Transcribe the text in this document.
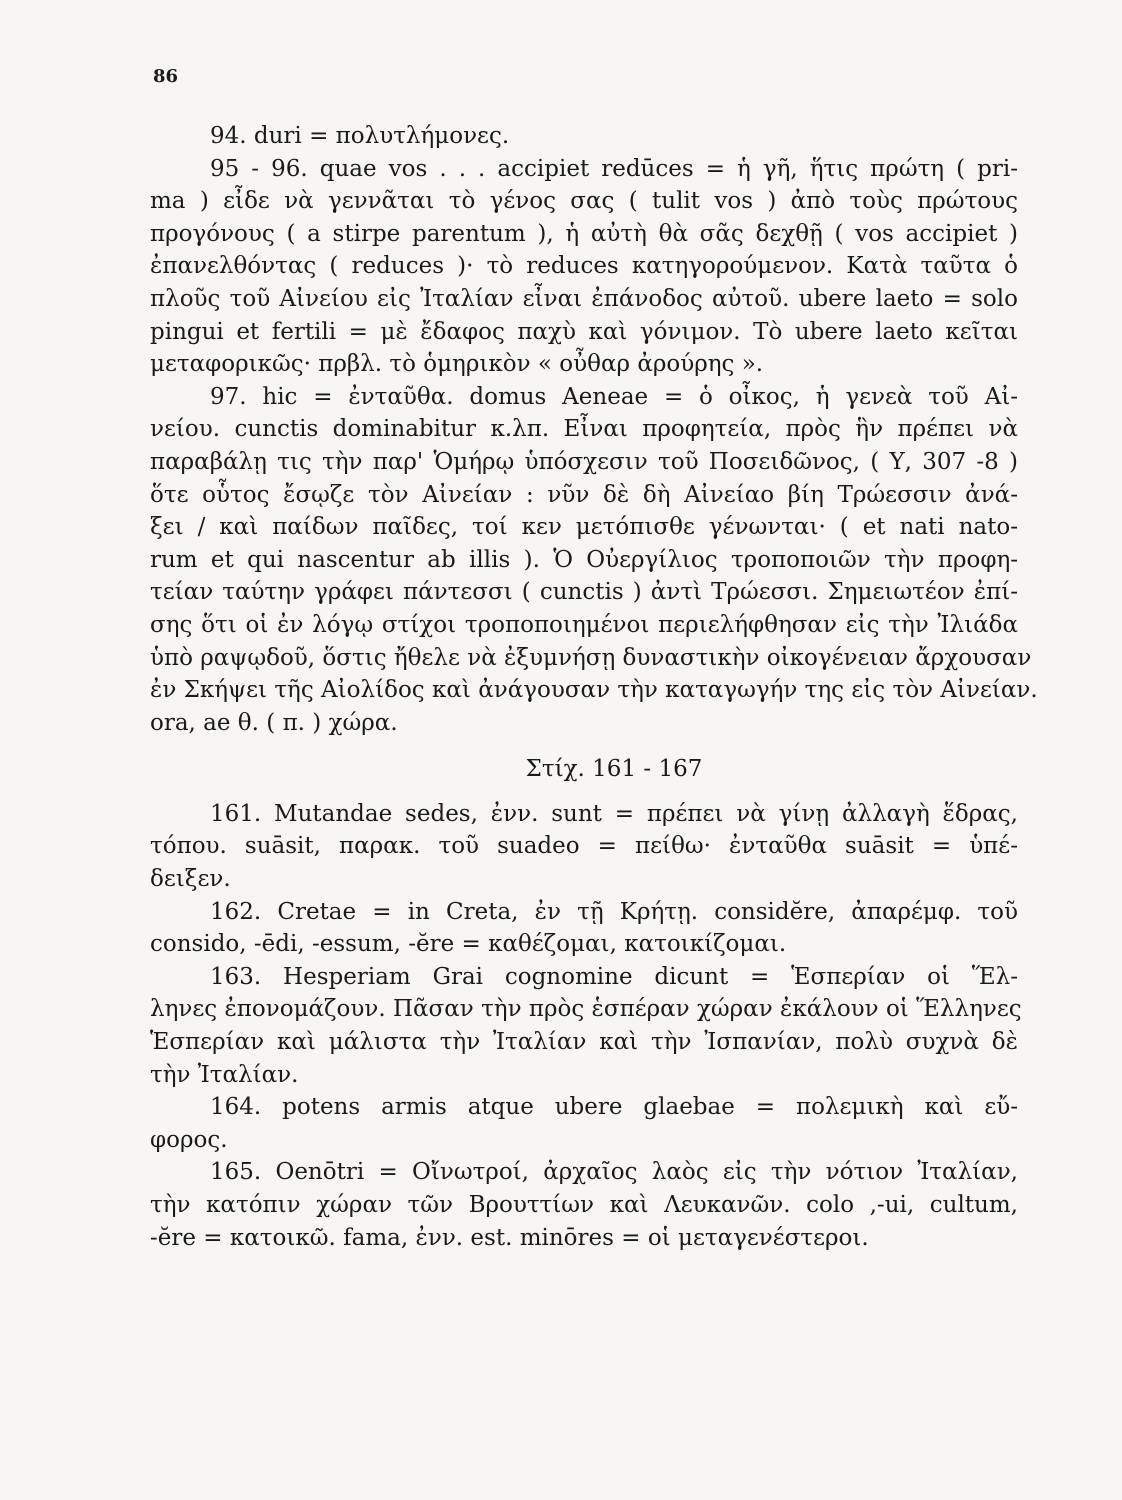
86
94. duri = πολυτλήμονες.
95 - 96. quae vos . . . accipiet redūces = ἡ γῆ, ἥτις πρώτη ( pri-
ma ) εἶδε νὰ γεννᾶται τὸ γένος σας ( tulit vos ) ἀπὸ τοὺς πρώτους
προγόνους ( a stirpe parentum ), ἡ αὐτὴ θὰ σᾶς δεχθῇ ( vos accipiet )
ἐπανελθόντας ( reduces )· τὸ reduces κατηγορούμενον. Κατὰ ταῦτα ὁ
πλοῦς τοῦ Αἰνείου εἰς Ἰταλίαν εἶναι ἐπάνοδος αὐτοῦ. ubere laeto = solo
pingui et fertili = μὲ ἔδαφος παχὺ καὶ γόνιμον. Τὸ ubere laeto κεῖται
μεταφορικῶς· πρβλ. τὸ ὁμηρικὸν « οὖθαρ ἀρούρης ».
97. hic = ἐνταῦθα. domus Aeneae = ὁ οἶκος, ἡ γενεὰ τοῦ Αἰ-
νείου. cunctis dominabitur κ.λπ. Εἶναι προφητεία, πρὸς ἣν πρέπει νὰ
παραβάλῃ τις τὴν παρ' Ὁμήρῳ ὑπόσχεσιν τοῦ Ποσειδῶνος, ( Υ, 307 -8 )
ὅτε οὗτος ἔσῳζε τὸν Αἰνείαν : νῦν δὲ δὴ Αἰνείαο βίη Τρώεσσιν ἀνά-
ξει / καὶ παίδων παῖδες, τοί κεν μετόπισθε γένωνται· ( et nati nato-
rum et qui nascentur ab illis ). Ὁ Οὐεργίλιος τροποποιῶν τὴν προφη-
τείαν ταύτην γράφει πάντεσσι ( cunctis ) ἀντὶ Τρώεσσι. Σημειωτέον ἐπί-
σης ὅτι οἱ ἐν λόγῳ στίχοι τροποποιημένοι περιελήφθησαν εἰς τὴν Ἰλιάδα
ὑπὸ ραψῳδοῦ, ὅστις ἤθελε νὰ ἐξυμνήσῃ δυναστικὴν οἰκογένειαν ἄρχουσαν
ἐν Σκήψει τῆς Αἰολίδος καὶ ἀνάγουσαν τὴν καταγωγήν της εἰς τὸν Αἰνείαν.
ora, ae θ. ( π. ) χώρα.
Στίχ. 161 - 167
161. Mutandae sedes, ἐνν. sunt = πρέπει νὰ γίνῃ ἀλλαγὴ ἕδρας,
τόπου. suāsit, παρακ. τοῦ suadeo = πείθω· ἐνταῦθα suāsit = ὑπέ-
δειξεν.
162. Cretae = in Creta, ἐν τῇ Κρήτῃ. considĕre, ἀπαρέμφ. τοῦ
consido, -ēdi, -essum, -ĕre = καθέζομαι, κατοικίζομαι.
163. Hesperiam Grai cognomine dicunt = Ἑσπερίαν οἱ Ἕλ-
ληνες ἐπονομάζουν. Πᾶσαν τὴν πρὸς ἑσπέραν χώραν ἐκάλουν οἱ Ἕλληνες
Ἑσπερίαν καὶ μάλιστα τὴν Ἰταλίαν καὶ τὴν Ἰσπανίαν, πολὺ συχνὰ δὲ
τὴν Ἰταλίαν.
164. potens armis atque ubere glaebae = πολεμικὴ καὶ εὔ-
φορος.
165. Oenōtri = Οἴνωτροί, ἀρχαῖος λαὸς εἰς τὴν νότιον Ἰταλίαν,
τὴν κατόπιν χώραν τῶν Βρουττίων καὶ Λευκανῶν. colo ,-ui, cultum,
-ĕre = κατοικῶ. fama, ἐνν. est. minōres = οἱ μεταγενέστεροι.
